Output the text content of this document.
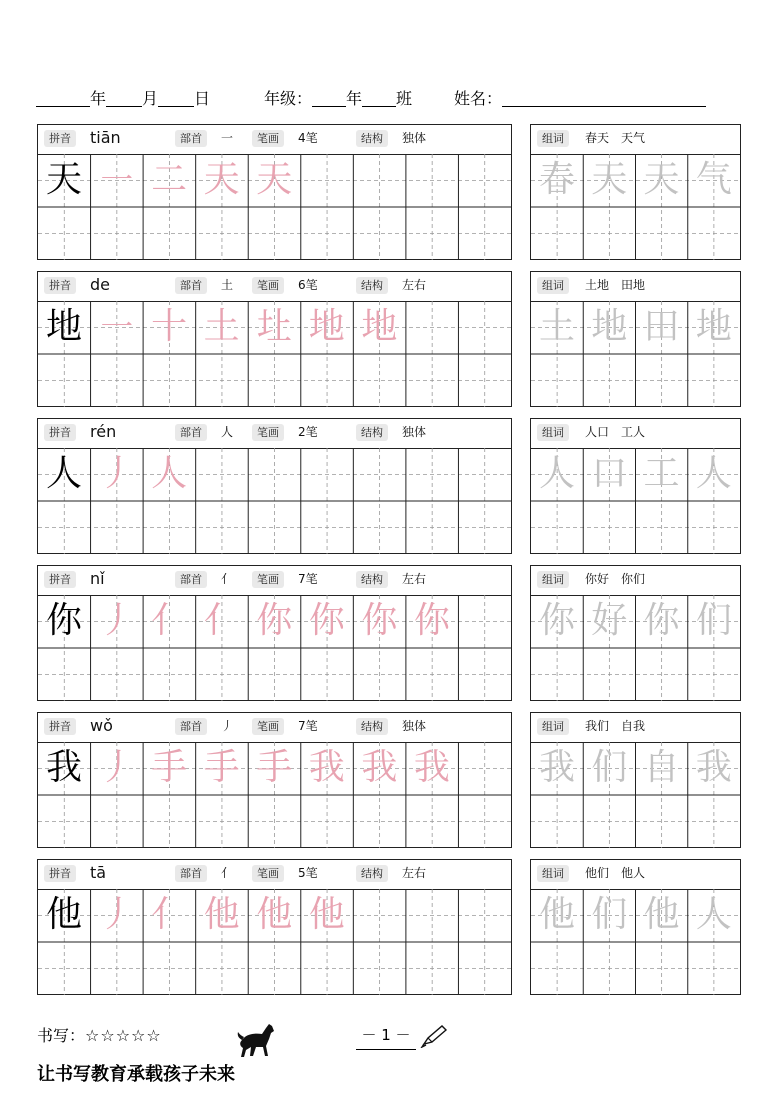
年 月 日	年级： 年 班	姓名：
拼音	tiān	部首	一	笔画	4笔	结构	独体
天 ㇐ 二 天 天
组词	春天　天气
春 天 天 气
拼音	de	部首	土	笔画	6笔	结构	左右
地 ㇐ 十 土 圵 地 地
组词	土地　田地
土 地 田 地
拼音	rén	部首	人	笔画	2笔	结构	独体
人 丿 人
组词	人口　工人
人 口 工 人
拼音	nǐ	部首	亻	笔画	7笔	结构	左右
你 丿 亻 亻 你 你 你 你
组词	你好　你们
你 好 你 们
拼音	wǒ	部首	丿	笔画	7笔	结构	独体
我 丿 手 手 手 我 我 我
组词	我们　自我
我 们 自 我
拼音	tā	部首	亻	笔画	5笔	结构	左右
他 丿 亻 他 他 他
组词	他们　他人
他 们 他 人
书写：☆☆☆☆☆	－ 1 －
让书写教育承载孩子未来
